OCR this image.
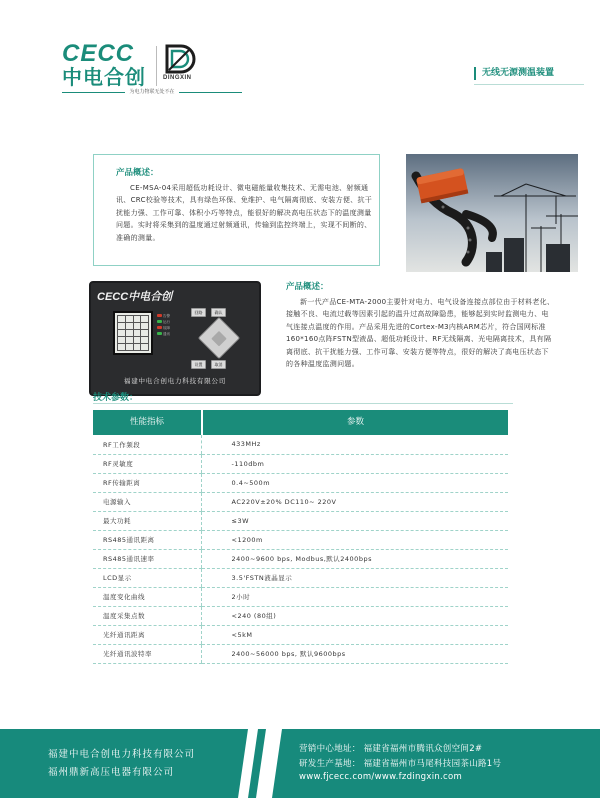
CECC
中电合创	DINGXIN
为电力物联无处不在
无线无源测温装置
产品概述：
CE-MSA-04采用超低功耗设计、微电磁能量收集技术、无需电池、射频通讯、CRC校验等技术，具有绿色环保、免维护、电气隔离彻底、安装方便、抗干扰能力强、工作可靠、体积小巧等特点，能很好的解决高电压状态下的温度测量问题。实时将采集到的温度通过射频通讯，传输到监控终端上，实现不间断的、准确的测量。
CECC中电合创

告警
运行
故障
通讯
回路	确认
设置	取消
福建中电合创电力科技有限公司
产品概述：
新一代产品CE-MTA-2000主要针对电力、电气设备连接点部位由于材料老化、接触不良、电流过载等因素引起的温升过高故障隐患，能够起到实时监测电力、电气连接点温度的作用。产品采用先进的Cortex-M3内核ARM芯片，符合国网标准160*160点阵FSTN型液晶、超低功耗设计、RF无线隔离、光电隔离技术，具有隔离彻底、抗干扰能力强、工作可靠、安装方便等特点，很好的解决了高电压状态下的各种温度监测问题。
技术参数：
性能指标	参数
RF工作频段	433MHz
RF灵敏度	-110dbm
RF传输距离	0.4~500m
电源输入	AC220V±20% DC110~ 220V
最大功耗	≤3W
RS485通讯距离	<1200m
RS485通讯速率	2400~9600 bps, Modbus,默认2400bps
LCD显示	3.5'FSTN液晶显示
温度变化曲线	2小时
温度采集点数	<240 (80组)
光纤通讯距离	<5kM
光纤通讯波特率	2400~56000 bps, 默认9600bps
福建中电合创电力科技有限公司
福州鼎新高压电器有限公司
营销中心地址： 福建省福州市腾讯众创空间2#
研发生产基地： 福建省福州市马尾科技园茶山路1号
www.fjcecc.com/www.fzdingxin.com
